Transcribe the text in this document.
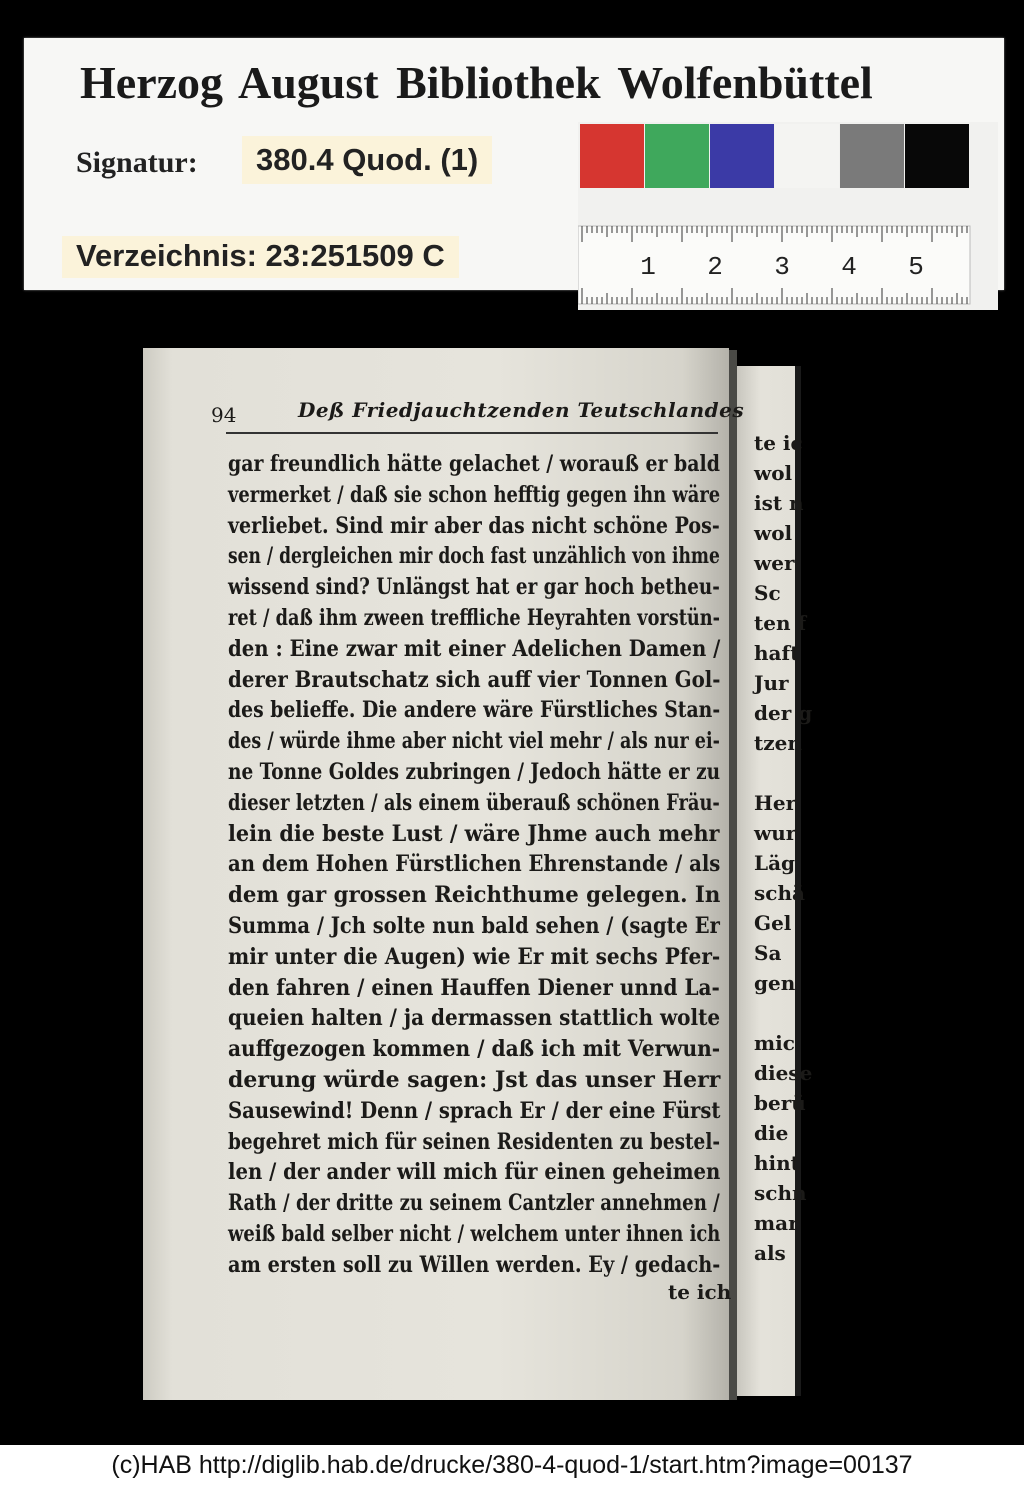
Herzog August Bibliothek Wolfenbüttel
Signatur:	380.4 Quod. (1)
Verzeichnis: 23:251509 C	1 2 3 4 5
94	Deß Friedjauchtzenden Teutschlandes
gar freundlich hätte gelachet / worauß er bald
vermerket / daß sie schon hefftig gegen ihn wäre
verliebet. Sind mir aber das nicht schöne Pos-
sen / dergleichen mir doch fast unzählich von ihme
wissend sind? Unlängst hat er gar hoch betheu-
ret / daß ihm zween treffliche Heyrahten vorstün-
den : Eine zwar mit einer Adelichen Damen /
derer Brautschatz sich auff vier Tonnen Gol-
des belieffe. Die andere wäre Fürstliches Stan-
des / würde ihme aber nicht viel mehr / als nur ei-
ne Tonne Goldes zubringen / Jedoch hätte er zu
dieser letzten / als einem überauß schönen Fräu-
lein die beste Lust / wäre Jhme auch mehr
an dem Hohen Fürstlichen Ehrenstande / als
dem gar grossen Reichthume gelegen. In
Summa / Jch solte nun bald sehen / (sagte Er
mir unter die Augen) wie Er mit sechs Pfer-
den fahren / einen Hauffen Diener unnd La-
queien halten / ja dermassen stattlich wolte
auffgezogen kommen / daß ich mit Verwun-
derung würde sagen: Jst das unser Herr
Sausewind! Denn / sprach Er / der eine Fürst
begehret mich für seinen Residenten zu bestel-
len / der ander will mich für einen geheimen
Rath / der dritte zu seinem Cantzler annehmen /
weiß bald selber nicht / welchem unter ihnen ich
am ersten soll zu Willen werden. Ey / gedach-
te ich
te ic
wol
ist n
wol
wer
Sc
ten f
haft
Jur
der g
tzen
Her
wur
Läg
schä
Gel
Sa
gen
mic
diese
berü
die
hint
schn
mar
als
(c)HAB http://diglib.hab.de/drucke/380-4-quod-1/start.htm?image=00137
